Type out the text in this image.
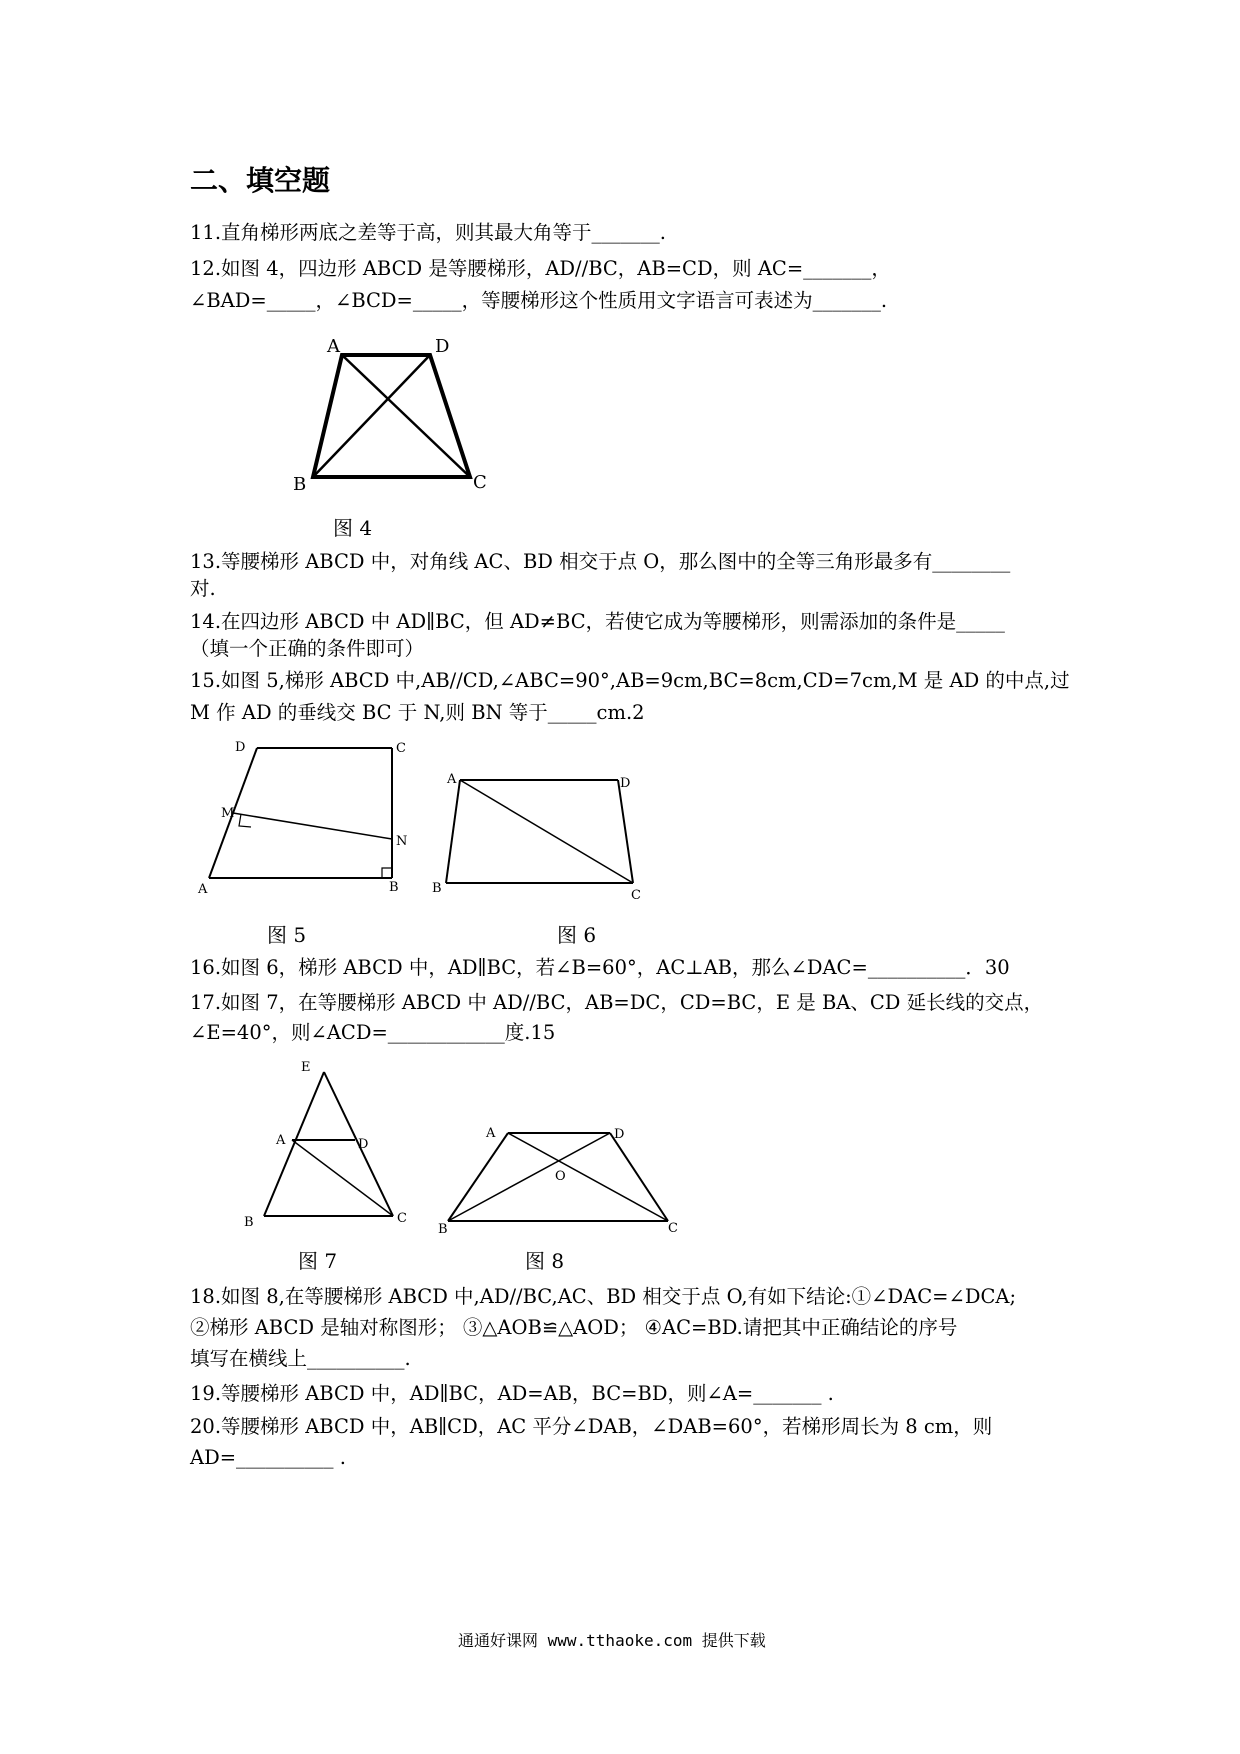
二、填空题
11.直角梯形两底之差等于高，则其最大角等于_______.
12.如图 4，四边形 ABCD 是等腰梯形，AD//BC，AB=CD，则 AC=_______，
∠BAD=_____，∠BCD=_____，等腰梯形这个性质用文字语言可表述为_______.
A	D
B	C
图 4
13.等腰梯形 ABCD 中，对角线 AC、BD 相交于点 O，那么图中的全等三角形最多有________
对.
14.在四边形 ABCD 中 AD∥BC，但 AD≠BC，若使它成为等腰梯形，则需添加的条件是_____
（填一个正确的条件即可）
15.如图 5,梯形 ABCD 中,AB//CD,∠ABC=90°,AB=9cm,BC=8cm,CD=7cm,M 是 AD 的中点,过
M 作 AD 的垂线交 BC 于 N,则 BN 等于_____cm.2
D	C
M
N
A	B
A	D
B	C
图 5	图 6
16.如图 6，梯形 ABCD 中，AD∥BC，若∠B=60°，AC⊥AB，那么∠DAC=__________．30
17.如图 7，在等腰梯形 ABCD 中 AD//BC，AB=DC，CD=BC，E 是 BA、CD 延长线的交点，
∠E=40°，则∠ACD=____________度.15
E
A	D
B	C
A	D
O
B	C
图 7	图 8
18.如图 8,在等腰梯形 ABCD 中,AD//BC,AC、BD 相交于点 O,有如下结论:①∠DAC=∠DCA;
②梯形 ABCD 是轴对称图形； ③△AOB≌△AOD； ④AC=BD.请把其中正确结论的序号
填写在横线上__________.
19.等腰梯形 ABCD 中，AD∥BC，AD=AB，BC=BD，则∠A=_______ .
20.等腰梯形 ABCD 中，AB∥CD，AC 平分∠DAB，∠DAB=60°，若梯形周长为 8 cm，则
AD=__________ .
通通好课网 www.tthaoke.com 提供下载
